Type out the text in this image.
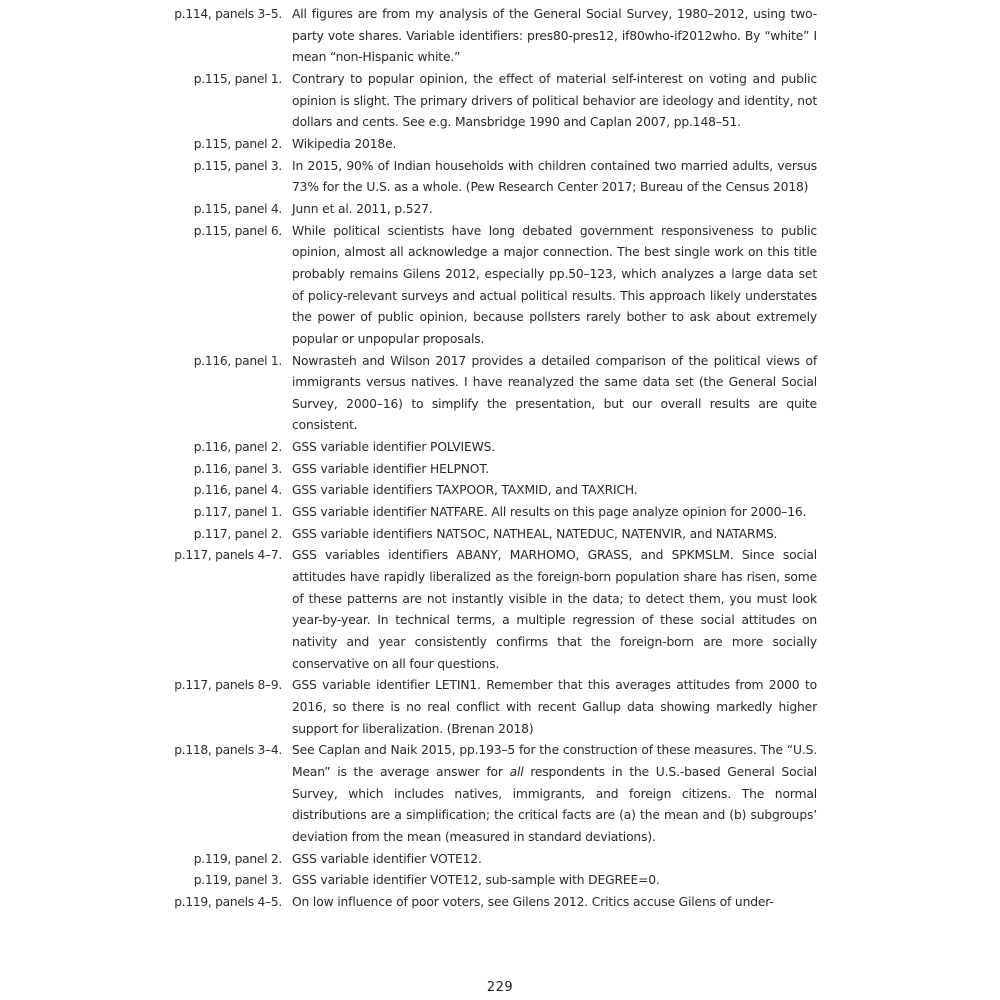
p.114, panels 3–5. All figures are from my analysis of the General Social Survey, 1980–2012, using two-party vote shares. Variable identifiers: pres80-pres12, if80who-if2012who. By “white” I mean “non-Hispanic white.”
p.115, panel 1. Contrary to popular opinion, the effect of material self-interest on voting and public opinion is slight. The primary drivers of political behavior are ideology and identity, not dollars and cents. See e.g. Mansbridge 1990 and Caplan 2007, pp.148–51.
p.115, panel 2. Wikipedia 2018e.
p.115, panel 3. In 2015, 90% of Indian households with children contained two married adults, versus 73% for the U.S. as a whole. (Pew Research Center 2017; Bureau of the Census 2018)
p.115, panel 4. Junn et al. 2011, p.527.
p.115, panel 6. While political scientists have long debated government responsiveness to public opinion, almost all acknowledge a major connection. The best single work on this title probably remains Gilens 2012, especially pp.50–123, which analyzes a large data set of policy-relevant surveys and actual political results. This approach likely understates the power of public opinion, because pollsters rarely bother to ask about extremely popular or unpopular proposals.
p.116, panel 1. Nowrasteh and Wilson 2017 provides a detailed comparison of the political views of immigrants versus natives. I have reanalyzed the same data set (the General Social Survey, 2000–16) to simplify the presentation, but our overall results are quite consistent.
p.116, panel 2. GSS variable identifier POLVIEWS.
p.116, panel 3. GSS variable identifier HELPNOT.
p.116, panel 4. GSS variable identifiers TAXPOOR, TAXMID, and TAXRICH.
p.117, panel 1. GSS variable identifier NATFARE. All results on this page analyze opinion for 2000–16.
p.117, panel 2. GSS variable identifiers NATSOC, NATHEAL, NATEDUC, NATENVIR, and NATARMS.
p.117, panels 4–7. GSS variables identifiers ABANY, MARHOMO, GRASS, and SPKMSLM. Since social attitudes have rapidly liberalized as the foreign-born population share has risen, some of these patterns are not instantly visible in the data; to detect them, you must look year-by-year. In technical terms, a multiple regression of these social attitudes on nativity and year consistently confirms that the foreign-born are more socially conservative on all four questions.
p.117, panels 8–9. GSS variable identifier LETIN1. Remember that this averages attitudes from 2000 to 2016, so there is no real conflict with recent Gallup data showing markedly higher support for liberalization. (Brenan 2018)
p.118, panels 3–4. See Caplan and Naik 2015, pp.193–5 for the construction of these measures. The “U.S. Mean” is the average answer for all respondents in the U.S.-based General Social Survey, which includes natives, immigrants, and foreign citizens. The normal distributions are a simplification; the critical facts are (a) the mean and (b) subgroups’ deviation from the mean (measured in standard deviations).
p.119, panel 2. GSS variable identifier VOTE12.
p.119, panel 3. GSS variable identifier VOTE12, sub-sample with DEGREE=0.
p.119, panels 4–5. On low influence of poor voters, see Gilens 2012. Critics accuse Gilens of under-
229
